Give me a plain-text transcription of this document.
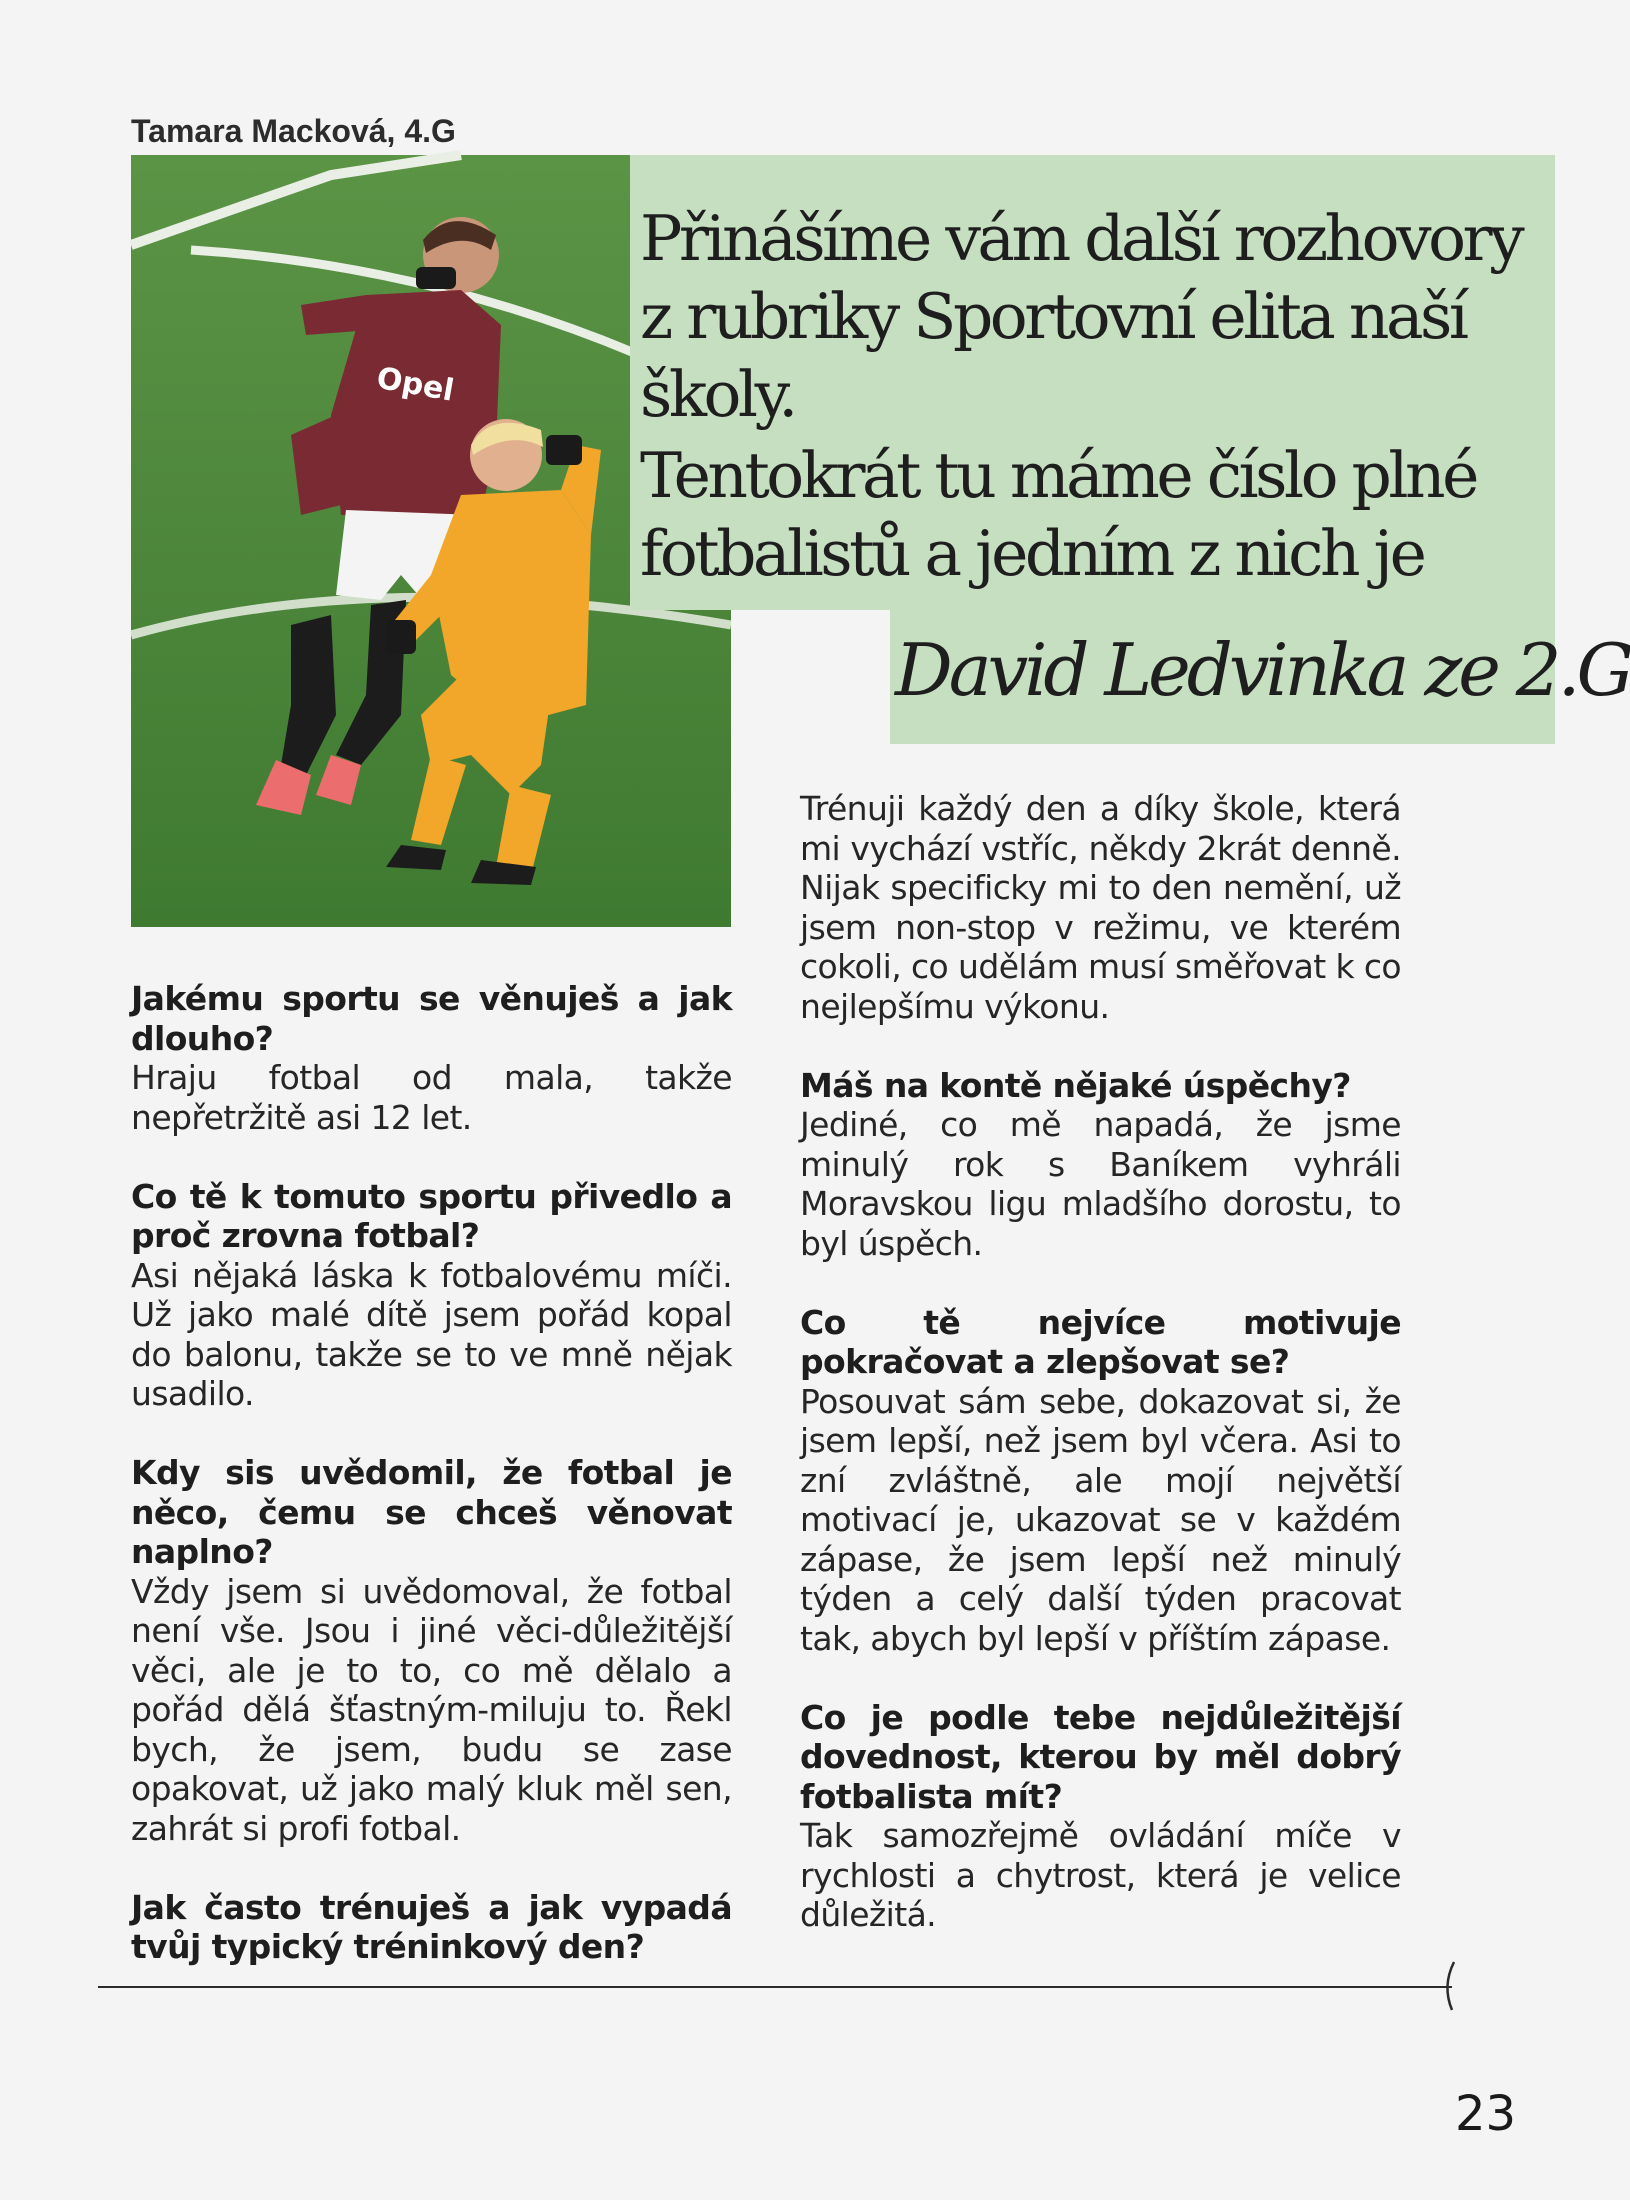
Tamara Macková, 4.G
Opel

Přinášíme vám další rozhovory z rubriky Sportovní elita naší školy.

Tentokrát tu máme číslo plné fotbalistů a jedním z nich je

David Ledvinka ze 2.G

Jakému sportu se věnuješ a jak dlouho?

Hraju fotbal od mala, takže nepřetržitě asi 12 let.

Co tě k tomuto sportu přivedlo a proč zrovna fotbal?

Asi nějaká láska k fotbalovému míči. Už jako malé dítě jsem pořád kopal do balonu, takže se to ve mně nějak usadilo.

Kdy sis uvědomil, že fotbal je něco, čemu se chceš věnovat naplno?

Vždy jsem si uvědomoval, že fotbal není vše. Jsou i jiné věci-důležitější věci, ale je to to, co mě dělalo a pořád dělá šťastným-miluju to. Řekl bych, že jsem, budu se zase opakovat, už jako malý kluk měl sen, zahrát si profi fotbal.

Jak často trénuješ a jak vypadá tvůj typický tréninkový den?

Trénuji každý den a díky škole, která mi vychází vstříc, někdy 2krát denně. Nijak specificky mi to den nemění, už jsem non-stop v režimu, ve kterém cokoli, co udělám musí směřovat k co nejlepšímu výkonu.

Máš na kontě nějaké úspěchy?

Jediné, co mě napadá, že jsme minulý rok s Baníkem vyhráli Moravskou ligu mladšího dorostu, to byl úspěch.

Co tě nejvíce motivuje pokračovat a zlepšovat se?

Posouvat sám sebe, dokazovat si, že jsem lepší, než jsem byl včera. Asi to zní zvláštně, ale mojí největší motivací je, ukazovat se v každém zápase, že jsem lepší než minulý týden a celý další týden pracovat tak, abych byl lepší v příštím zápase.

Co je podle tebe nejdůležitější dovednost, kterou by měl dobrý fotbalista mít?

Tak samozřejmě ovládání míče v rychlosti a chytrost, která je velice důležitá.

23
